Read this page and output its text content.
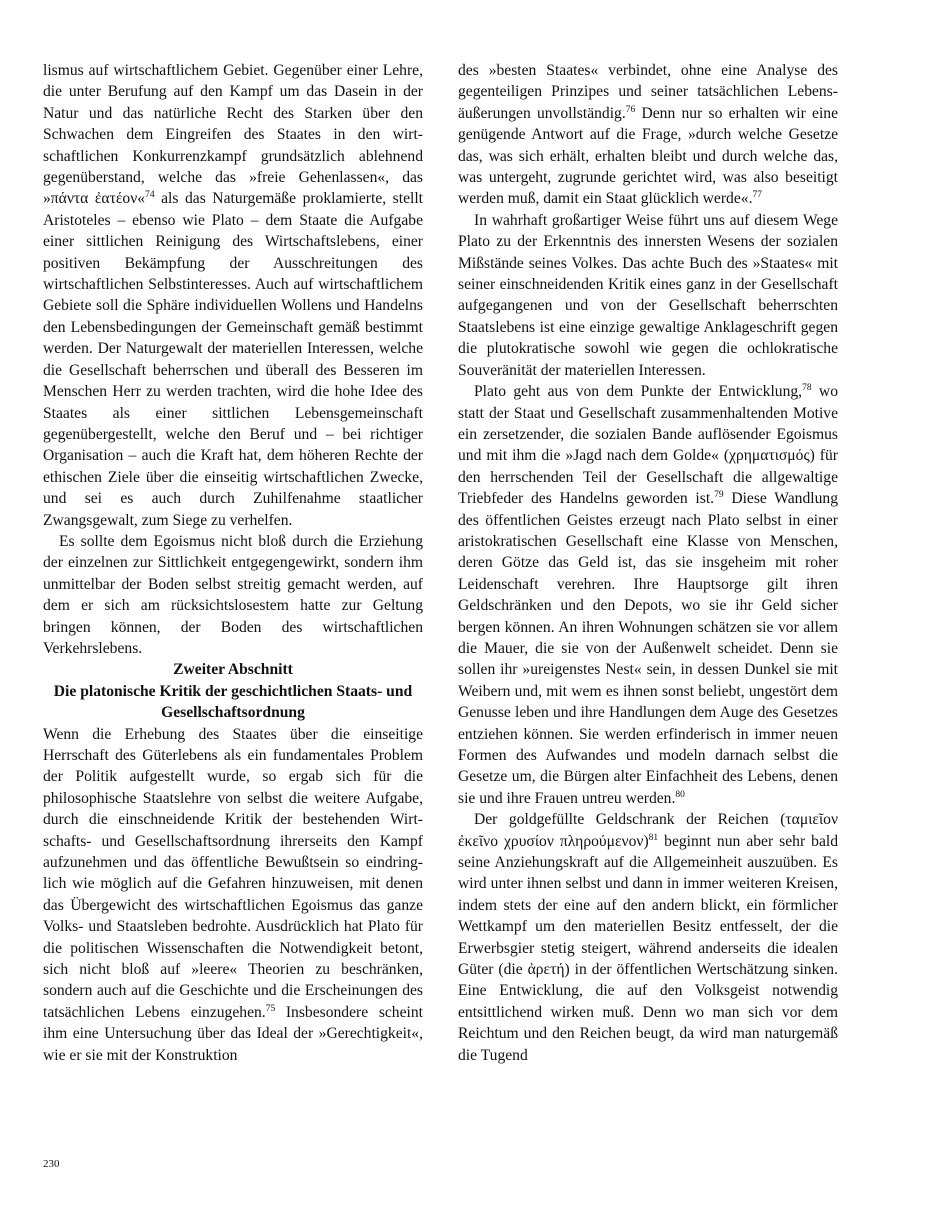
lismus auf wirtschaftlichem Gebiet. Gegenüber einer Lehre, die unter Berufung auf den Kampf um das Dasein in der Natur und das natürliche Recht des Starken über den Schwachen dem Eingreifen des Staates in den wirtschaftlichen Konkurrenzkampf grundsätzlich ablehnend gegenüberstand, welche das »freie Gehenlassen«, das »πάντα ἐατέον«$^{74}$ als das Naturgemäße proklamierte, stellt Aristoteles – ebenso wie Plato – dem Staate die Aufgabe einer sittlichen Reinigung des Wirtschaftslebens, einer positiven Bekämpfung der Ausschreitungen des wirtschaftlichen Selbstinteresses. Auch auf wirtschaftlichem Gebiete soll die Sphäre individuellen Wollens und Handelns den Lebensbedingungen der Gemeinschaft gemäß bestimmt werden. Der Naturgewalt der materiellen Interessen, welche die Gesellschaft beherrschen und überall des Besseren im Menschen Herr zu werden trachten, wird die hohe Idee des Staates als einer sittlichen Lebensgemeinschaft gegenübergestellt, welche den Beruf und – bei richtiger Organisation – auch die Kraft hat, dem höheren Rechte der ethischen Ziele über die einseitig wirtschaftlichen Zwecke, und sei es auch durch Zuhilfenahme staatlicher Zwangsgewalt, zum Siege zu verhelfen.

Es sollte dem Egoismus nicht bloß durch die Erziehung der einzelnen zur Sittlichkeit entgegengewirkt, sondern ihm unmittelbar der Boden selbst streitig gemacht werden, auf dem er sich am rücksichtslosestem hatte zur Geltung bringen können, der Boden des wirtschaftlichen Verkehrslebens.

Zweiter Abschnitt

Die platonische Kritik der geschichtlichen Staats- und Gesellschaftsordnung

Wenn die Erhebung des Staates über die einseitige Herrschaft des Güterlebens als ein fundamentales Problem der Politik aufgestellt wurde, so ergab sich für die philosophische Staatslehre von selbst die weitere Aufgabe, durch die einschneidende Kritik der bestehenden Wirtschafts- und Gesellschaftsordnung ihrerseits den Kampf aufzunehmen und das öffentliche Bewußtsein so eindringlich wie möglich auf die Gefahren hinzuweisen, mit denen das Übergewicht des wirtschaftlichen Egoismus das ganze Volks- und Staatsleben bedrohte. Ausdrücklich hat Plato für die politischen Wissenschaften die Notwendigkeit betont, sich nicht bloß auf »leere« Theorien zu beschränken, sondern auch auf die Geschichte und die Erscheinungen des tatsächlichen Lebens einzugehen.$^{75}$ Insbesondere scheint ihm eine Untersuchung über das Ideal der »Gerechtigkeit«, wie er sie mit der Konstruktion

des »besten Staates« verbindet, ohne eine Analyse des gegenteiligen Prinzipes und seiner tatsächlichen Lebensäußerungen unvollständig.$^{76}$ Denn nur so erhalten wir eine genügende Antwort auf die Frage, »durch welche Gesetze das, was sich erhält, erhalten bleibt und durch welche das, was untergeht, zugrunde gerichtet wird, was also beseitigt werden muß, damit ein Staat glücklich werde«.$^{77}$

In wahrhaft großartiger Weise führt uns auf diesem Wege Plato zu der Erkenntnis des innersten Wesens der sozialen Mißstände seines Volkes. Das achte Buch des »Staates« mit seiner einschneidenden Kritik eines ganz in der Gesellschaft aufgegangenen und von der Gesellschaft beherrschten Staatslebens ist eine einzige gewaltige Anklageschrift gegen die plutokratische sowohl wie gegen die ochlokratische Souveränität der materiellen Interessen.

Plato geht aus von dem Punkte der Entwicklung,$^{78}$ wo statt der Staat und Gesellschaft zusammenhaltenden Motive ein zersetzender, die sozialen Bande auflösender Egoismus und mit ihm die »Jagd nach dem Golde« (χρηματισμός) für den herrschenden Teil der Gesellschaft die allgewaltige Triebfeder des Handelns geworden ist.$^{79}$ Diese Wandlung des öffentlichen Geistes erzeugt nach Plato selbst in einer aristokratischen Gesellschaft eine Klasse von Menschen, deren Götze das Geld ist, das sie insgeheim mit roher Leidenschaft verehren. Ihre Hauptsorge gilt ihren Geldschränken und den Depots, wo sie ihr Geld sicher bergen können. An ihren Wohnungen schätzen sie vor allem die Mauer, die sie von der Außenwelt scheidet. Denn sie sollen ihr »ureigenstes Nest« sein, in dessen Dunkel sie mit Weibern und, mit wem es ihnen sonst beliebt, ungestört dem Genusse leben und ihre Handlungen dem Auge des Gesetzes entziehen können. Sie werden erfinderisch in immer neuen Formen des Aufwandes und modeln darnach selbst die Gesetze um, die Bürgen alter Einfachheit des Lebens, denen sie und ihre Frauen untreu werden.$^{80}$

Der goldgefüllte Geldschrank der Reichen (ταμιεῖον ἐκεῖνο χρυσίον πληρούμενον)$^{81}$ beginnt nun aber sehr bald seine Anziehungskraft auf die Allgemeinheit auszuüben. Es wird unter ihnen selbst und dann in immer weiteren Kreisen, indem stets der eine auf den andern blickt, ein förmlicher Wettkampf um den materiellen Besitz entfesselt, der die Erwerbsgier stetig steigert, während anderseits die idealen Güter (die ἀρετή) in der öffentlichen Wertschätzung sinken. Eine Entwicklung, die auf den Volksgeist notwendig entsittlichend wirken muß. Denn wo man sich vor dem Reichtum und den Reichen beugt, da wird man naturgemäß die Tugend

230
